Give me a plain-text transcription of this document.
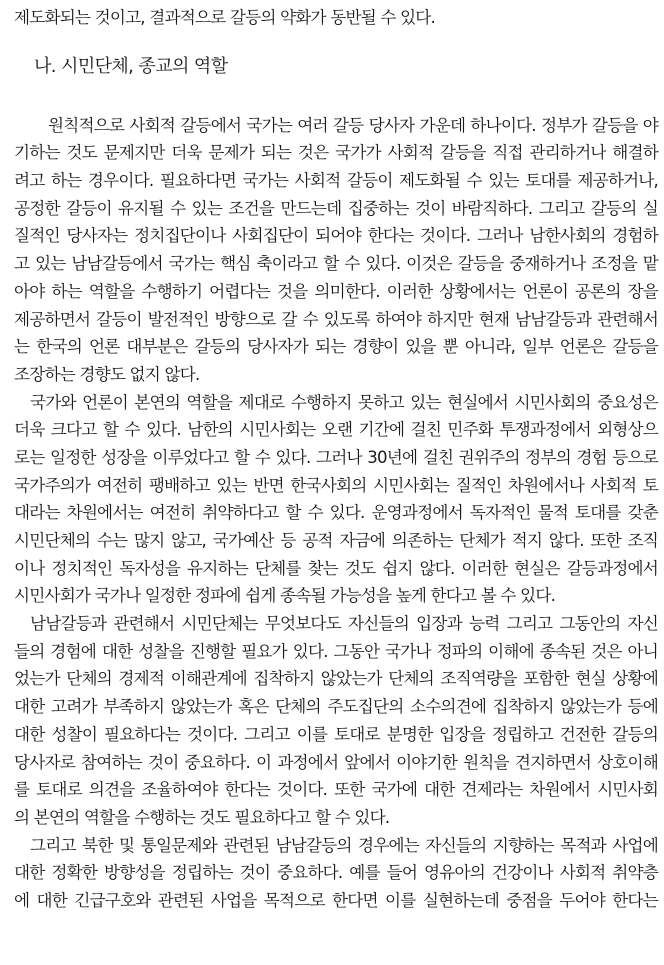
제도화되는 것이고, 결과적으로 갈등의 약화가 동반될 수 있다.
나. 시민단체, 종교의 역할
원칙적으로 사회적 갈등에서 국가는 여러 갈등 당사자 가운데 하나이다. 정부가 갈등을 야
기하는 것도 문제지만 더욱 문제가 되는 것은 국가가 사회적 갈등을 직접 관리하거나 해결하
려고 하는 경우이다. 필요하다면 국가는 사회적 갈등이 제도화될 수 있는 토대를 제공하거나,
공정한 갈등이 유지될 수 있는 조건을 만드는데 집중하는 것이 바람직하다. 그리고 갈등의 실
질적인 당사자는 정치집단이나 사회집단이 되어야 한다는 것이다. 그러나 남한사회의 경험하
고 있는 남남갈등에서 국가는 핵심 축이라고 할 수 있다. 이것은 갈등을 중재하거나 조정을 맡
아야 하는 역할을 수행하기 어렵다는 것을 의미한다. 이러한 상황에서는 언론이 공론의 장을
제공하면서 갈등이 발전적인 방향으로 갈 수 있도록 하여야 하지만 현재 남남갈등과 관련해서
는 한국의 언론 대부분은 갈등의 당사자가 되는 경향이 있을 뿐 아니라, 일부 언론은 갈등을
조장하는 경향도 없지 않다.
국가와 언론이 본연의 역할을 제대로 수행하지 못하고 있는 현실에서 시민사회의 중요성은
더욱 크다고 할 수 있다. 남한의 시민사회는 오랜 기간에 걸친 민주화 투쟁과정에서 외형상으
로는 일정한 성장을 이루었다고 할 수 있다. 그러나 30년에 걸친 권위주의 정부의 경험 등으로
국가주의가 여전히 팽배하고 있는 반면 한국사회의 시민사회는 질적인 차원에서나 사회적 토
대라는 차원에서는 여전히 취약하다고 할 수 있다. 운영과정에서 독자적인 물적 토대를 갖춘
시민단체의 수는 많지 않고, 국가예산 등 공적 자금에 의존하는 단체가 적지 않다. 또한 조직
이나 정치적인 독자성을 유지하는 단체를 찾는 것도 쉽지 않다. 이러한 현실은 갈등과정에서
시민사회가 국가나 일정한 정파에 쉽게 종속될 가능성을 높게 한다고 볼 수 있다.
남남갈등과 관련해서 시민단체는 무엇보다도 자신들의 입장과 능력 그리고 그동안의 자신
들의 경험에 대한 성찰을 진행할 필요가 있다. 그동안 국가나 정파의 이해에 종속된 것은 아니
었는가 단체의 경제적 이해관계에 집착하지 않았는가 단체의 조직역량을 포함한 현실 상황에
대한 고려가 부족하지 않았는가 혹은 단체의 주도집단의 소수의견에 집착하지 않았는가 등에
대한 성찰이 필요하다는 것이다. 그리고 이를 토대로 분명한 입장을 정립하고 건전한 갈등의
당사자로 참여하는 것이 중요하다. 이 과정에서 앞에서 이야기한 원칙을 견지하면서 상호이해
를 토대로 의견을 조율하여야 한다는 것이다. 또한 국가에 대한 견제라는 차원에서 시민사회
의 본연의 역할을 수행하는 것도 필요하다고 할 수 있다.
그리고 북한 및 통일문제와 관련된 남남갈등의 경우에는 자신들의 지향하는 목적과 사업에
대한 정확한 방향성을 정립하는 것이 중요하다. 예를 들어 영유아의 건강이나 사회적 취약층
에 대한 긴급구호와 관련된 사업을 목적으로 한다면 이를 실현하는데 중점을 두어야 한다는
